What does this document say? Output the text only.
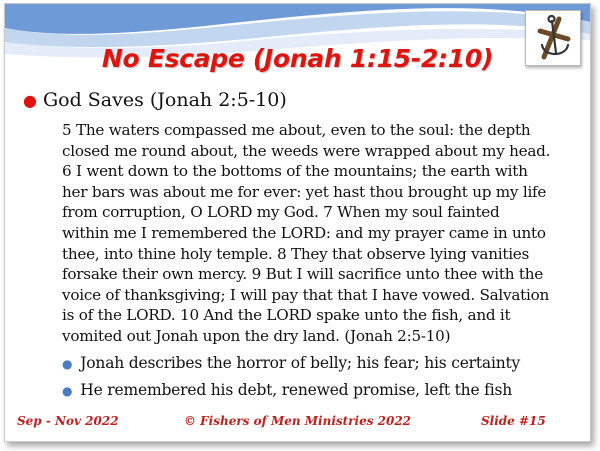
No Escape (Jonah 1:15-2:10)
● God Saves (Jonah 2:5-10)
5 The waters compassed me about, even to the soul: the depth
closed me round about, the weeds were wrapped about my head.
6 I went down to the bottoms of the mountains; the earth with
her bars was about me for ever: yet hast thou brought up my life
from corruption, O LORD my God. 7 When my soul fainted
within me I remembered the LORD: and my prayer came in unto
thee, into thine holy temple. 8 They that observe lying vanities
forsake their own mercy. 9 But I will sacrifice unto thee with the
voice of thanksgiving; I will pay that that I have vowed. Salvation
is of the LORD. 10 And the LORD spake unto the fish, and it
vomited out Jonah upon the dry land. (Jonah 2:5-10)
● Jonah describes the horror of belly; his fear; his certainty
● He remembered his debt, renewed promise, left the fish
Sep - Nov 2022	© Fishers of Men Ministries 2022	Slide #15
